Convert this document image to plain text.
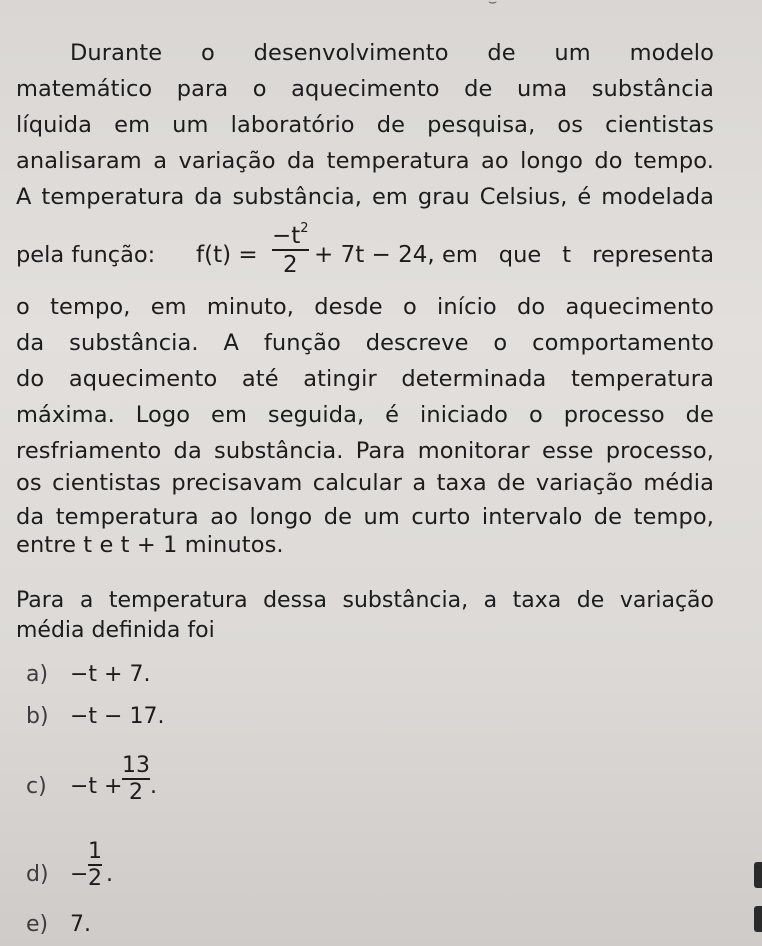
⌣
Durante o desenvolvimento de um modelo
matemático para o aquecimento de uma substância
líquida em um laboratório de pesquisa, os cientistas
analisaram a variação da temperatura ao longo do tempo.
A temperatura da substância, em grau Celsius, é modelada
pela função: f(t) =
$-t^2$
2 + 7t − 24, em que t representa
o tempo, em minuto, desde o início do aquecimento
da substância. A função descreve o comportamento
do aquecimento até atingir determinada temperatura
máxima. Logo em seguida, é iniciado o processo de
resfriamento da substância. Para monitorar esse processo,
os cientistas precisavam calcular a taxa de variação média
da temperatura ao longo de um curto intervalo de tempo,
entre t e t + 1 minutos.
Para a temperatura dessa substância, a taxa de variação
média definida foi
a) −t + 7.
b) −t − 17.
c) −t +
13
2 .
d) −
1
2 .
e) 7.
